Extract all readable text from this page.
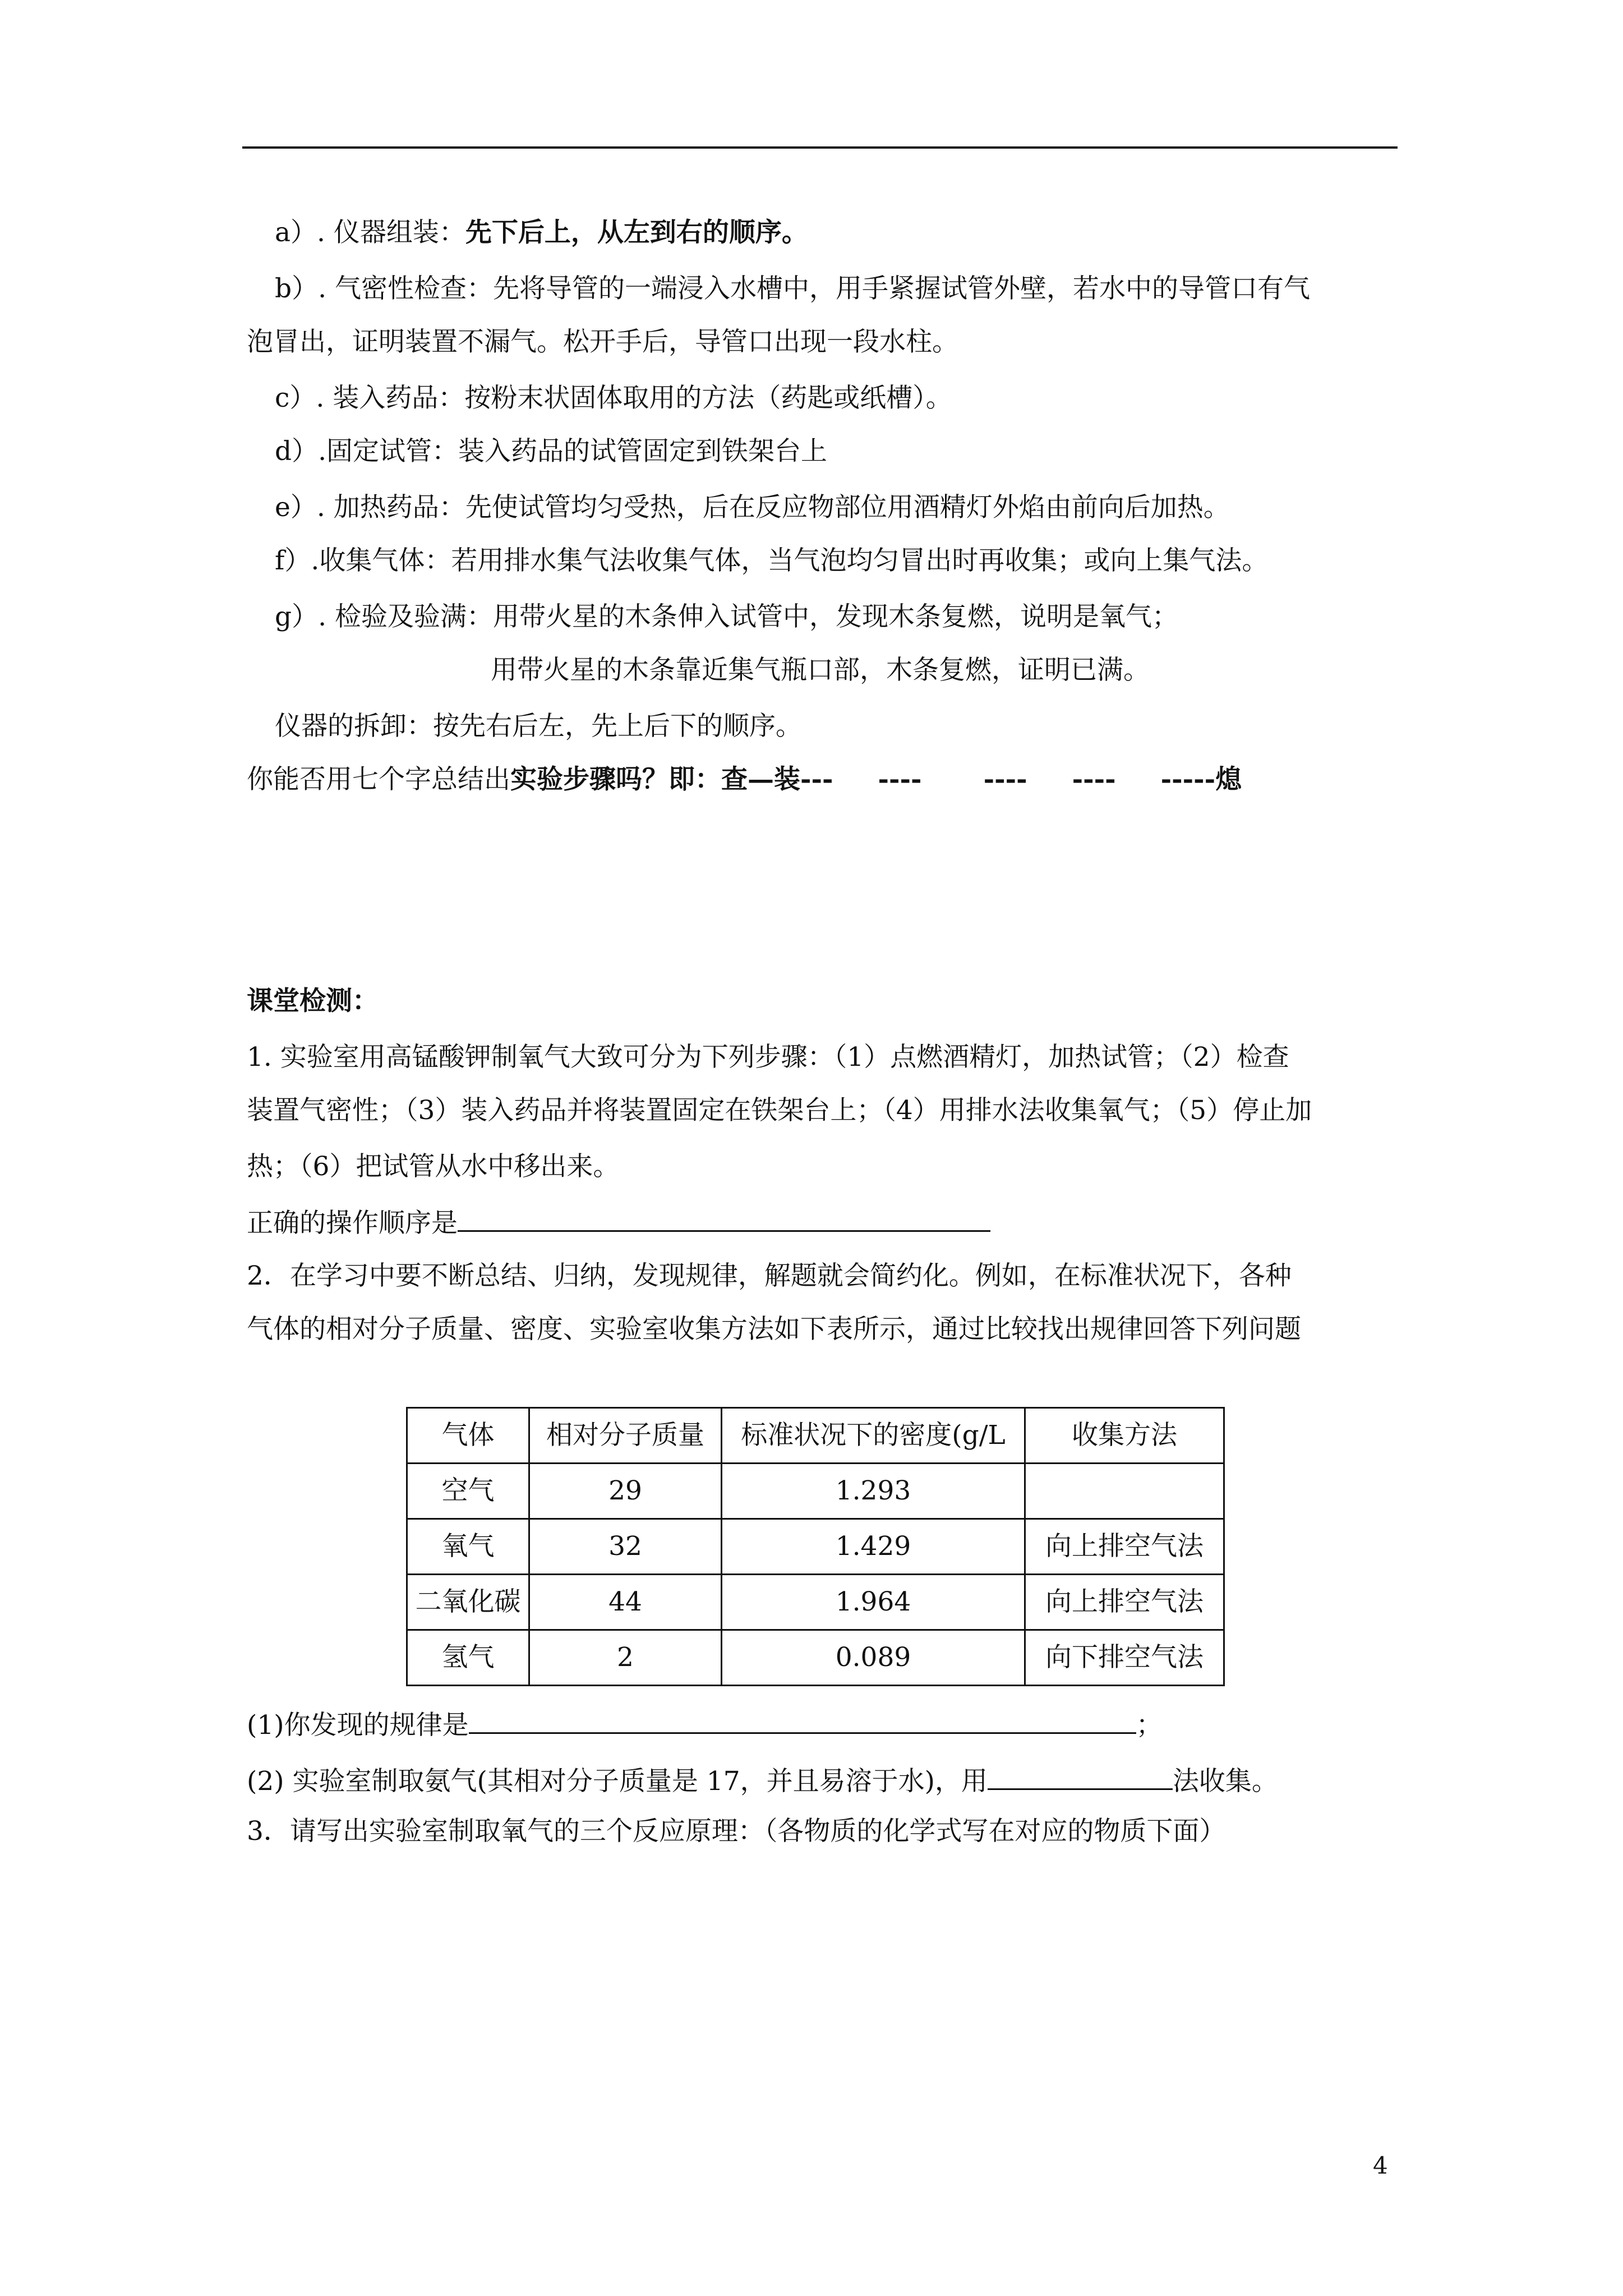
a）. 仪器组装：先下后上，从左到右的顺序。
b）. 气密性检查：先将导管的一端浸入水槽中，用手紧握试管外壁，若水中的导管口有气
泡冒出，证明装置不漏气。松开手后，导管口出现一段水柱。
c）. 装入药品：按粉末状固体取用的方法（药匙或纸槽）。
d）.固定试管：装入药品的试管固定到铁架台上
e）. 加热药品：先使试管均匀受热，后在反应物部位用酒精灯外焰由前向后加热。
f）.收集气体：若用排水集气法收集气体，当气泡均匀冒出时再收集；或向上集气法。
g）. 检验及验满：用带火星的木条伸入试管中，发现木条复燃，说明是氧气；
用带火星的木条靠近集气瓶口部，木条复燃，证明已满。
仪器的拆卸：按先右后左，先上后下的顺序。
你能否用七个字总结出实验步骤吗？即：查—装--- ---- ---- ---- -----熄
课堂检测：
1. 实验室用高锰酸钾制氧气大致可分为下列步骤：（1）点燃酒精灯，加热试管；（2）检查
装置气密性；（3）装入药品并将装置固定在铁架台上；（4）用排水法收集氧气；（5）停止加
热；（6）把试管从水中移出来。
正确的操作顺序是
2．在学习中要不断总结、归纳，发现规律，解题就会简约化。例如，在标准状况下，各种
气体的相对分子质量、密度、实验室收集方法如下表所示，通过比较找出规律回答下列问题
气体	相对分子质量	标准状况下的密度(g/L	收集方法
空气	29	1.293	
氧气	32	1.429	向上排空气法
二氧化碳	44	1.964	向上排空气法
氢气	2	0.089	向下排空气法
(1)你发现的规律是	；
(2) 实验室制取氨气(其相对分子质量是 17，并且易溶于水)，用	法收集。
3．请写出实验室制取氧气的三个反应原理：（各物质的化学式写在对应的物质下面）
4
